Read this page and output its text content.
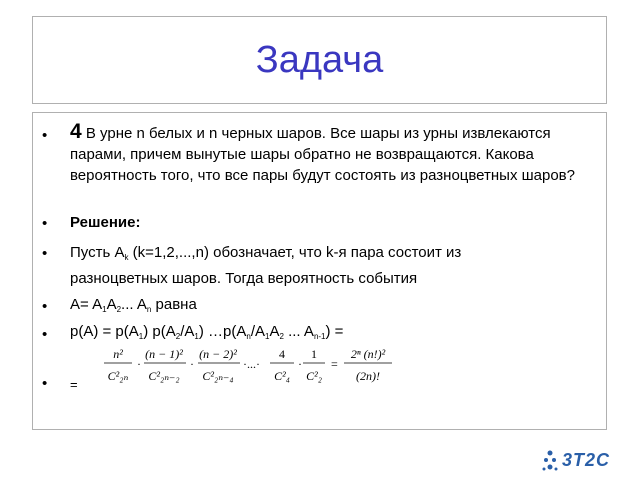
Задача
• 4 В урне n белых и n черных шаров. Все шары из урны извлекаются парами, причем вынутые шары обратно не возвращаются. Какова вероятность того, что все пары будут состоять из разноцветных шаров?
• Решение:
• Пусть $A_k$ (k=1,2,...,n) обозначает, что k-я пара состоит из
разноцветных шаров. Тогда вероятность события
• $A= A_1A_2$... $A_n$ равна
• $p(A) = p(A_1)$ $p(A_2/A_1)$ $\dots p(A_n/A_1A_2$ ... $A_{n-1}$) =
• =
n²
C²₂ₙ
·
(n − 1)²
C²₂ₙ₋₂
·
(n − 2)²
C²₂ₙ₋₄
·...·
4
C²₄
·
1
C²₂
=
2ⁿ (n!)²
(2n)!
3T2C
